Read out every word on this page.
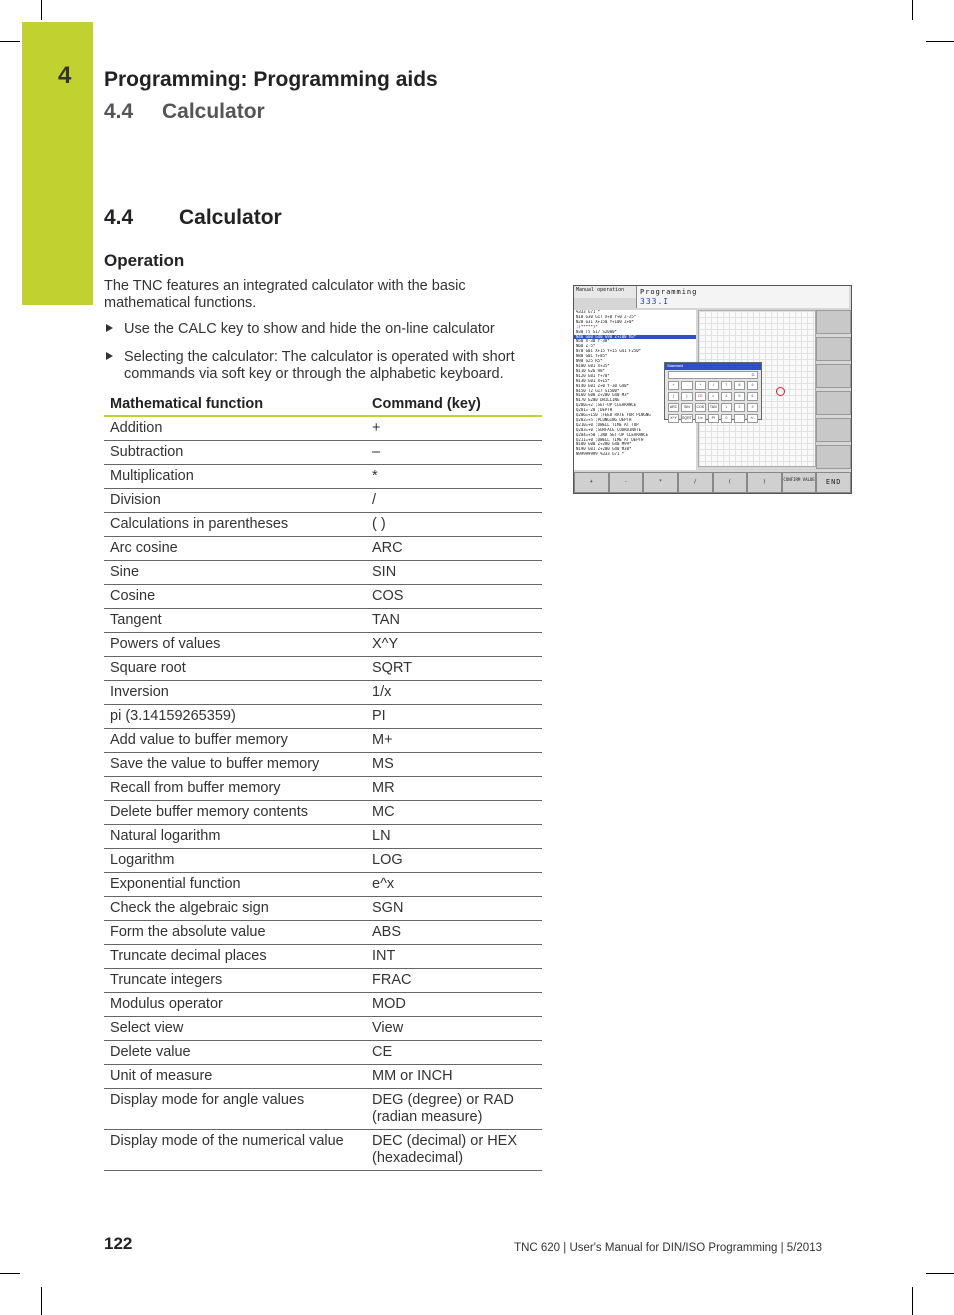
4 Programming: Programming aids
4.4 Calculator
4.4 Calculator
Operation
The TNC features an integrated calculator with the basic mathematical functions.
Use the CALC key to show and hide the on-line calculator
Selecting the calculator: The calculator is operated with short commands via soft key or through the alphabetic keyboard.
Mathematical function	Command (key)
Addition	+
Subtraction	–
Multiplication	*
Division	/
Calculations in parentheses	( )
Arc cosine	ARC
Sine	SIN
Cosine	COS
Tangent	TAN
Powers of values	X^Y
Square root	SQRT
Inversion	1/x
pi (3.14159265359)	PI
Add value to buffer memory	M+
Save the value to buffer memory	MS
Recall from buffer memory	MR
Delete buffer memory contents	MC
Natural logarithm	LN
Logarithm	LOG
Exponential function	e^x
Check the algebraic sign	SGN
Form the absolute value	ABS
Truncate decimal places	INT
Truncate integers	FRAC
Modulus operator	MOD
Select view	View
Delete value	CE
Unit of measure	MM or INCH
Display mode for angle values	DEG (degree) or RAD (radian measure)
Display mode of the numerical value	DEC (decimal) or HEX (hexadecimal)
Manual operation	Programming
333.I
%333 G71 *
N10 G30 G17 X+0 Y+0 Z-25*
N20 G31 X+150 Y+100 Z+0*
;(*****)*
N30 T5 G17 S2000*
N40 G00 G40 G90 Z+100 M3*
N50 X-30 Y-30*
N60 Z-5*
N70 G01 X+15 Y+15 G41 F250*
N80 G01 Y+85*
N90 G25 R5*
N100 G01 X+35*
N110 G26 R8*
N120 G01 Y+70*
N130 G01 X+15*
N140 G01 Z+0 Y-30 G40*
N150 T2 G17 S1500*
N160 G00 Z+200 G40 M3*
N170 G200 DRILLING
Q200=+2 ;SET-UP CLEARANCE
Q201=-20 ;DEPTH
Q206=+150 ;FEED RATE FOR PLNGNG
Q202=+5 ;PLUNGING DEPTH
Q210=+0 ;DWELL TIME AT TOP
Q203=+0 ;SURFACE COORDINATE
Q204=+50 ;2ND SET-UP CLEARANCE
Q211=+0 ;DWELL TIME AT DEPTH
N180 G00 Z+200 G40 M99*
N190 G01 Z+200 G40 M30*
N99999999 %333 G71 *
Standard
0.
+	-	*	/	7	8	9
(	)	CE	=	4	5	6
ARC	SIN	COS	TAN	1	2	3
X^Y	SQRT	1/x	PI	0	.	+/-
+	-	*	/	(	)	CONFIRM VALUE	END
122	TNC 620 | User's Manual for DIN/ISO Programming | 5/2013
